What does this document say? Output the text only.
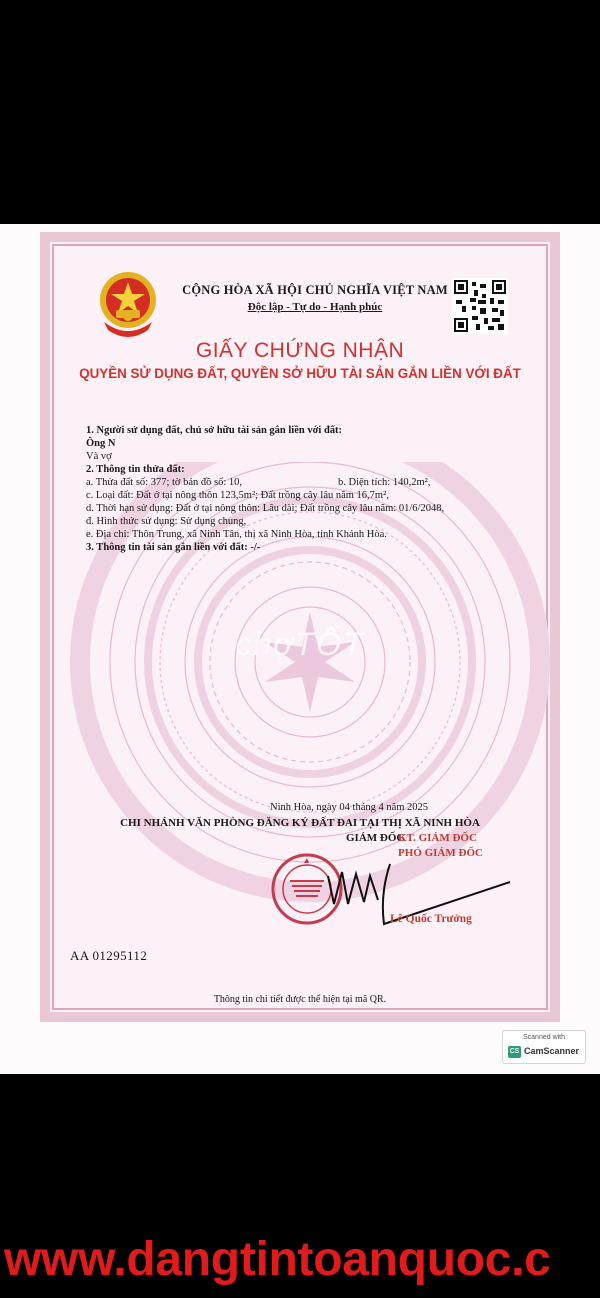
CỘNG HÒA XÃ HỘI CHỦ NGHĨA VIỆT NAM
Độc lập - Tự do - Hạnh phúc
GIẤY CHỨNG NHẬN
QUYỀN SỬ DỤNG ĐẤT, QUYỀN SỞ HỮU TÀI SẢN GẮN LIỀN VỚI ĐẤT
1. Người sử dụng đất, chủ sở hữu tài sản gắn liền với đất:
Ông N
Và vợ
2. Thông tin thửa đất:
a. Thửa đất số: 377; tờ bản đồ số: 10,	b. Diện tích: 140,2m²,
c. Loại đất: Đất ở tại nông thôn 123,5m²; Đất trồng cây lâu năm 16,7m²,
d. Thời hạn sử dụng: Đất ở tại nông thôn: Lâu dài; Đất trồng cây lâu năm: 01/6/2048,
đ. Hình thức sử dụng: Sử dụng chung,
e. Địa chỉ: Thôn Trung, xã Ninh Tân, thị xã Ninh Hòa, tỉnh Khánh Hòa.
3. Thông tin tài sản gắn liền với đất: -/-
chợTỐT
Ninh Hòa, ngày 04 tháng 4 năm 2025
CHI NHÁNH VĂN PHÒNG ĐĂNG KÝ ĐẤT ĐAI TẠI THỊ XÃ NINH HÒA
GIÁM ĐỐC
KT. GIÁM ĐỐC
PHÓ GIÁM ĐỐC
Lê Quốc Trưởng
AA 01295112
Thông tin chi tiết được thể hiện tại mã QR.
Scanned with
CS CamScanner
www.dangtintoanquoc.c
